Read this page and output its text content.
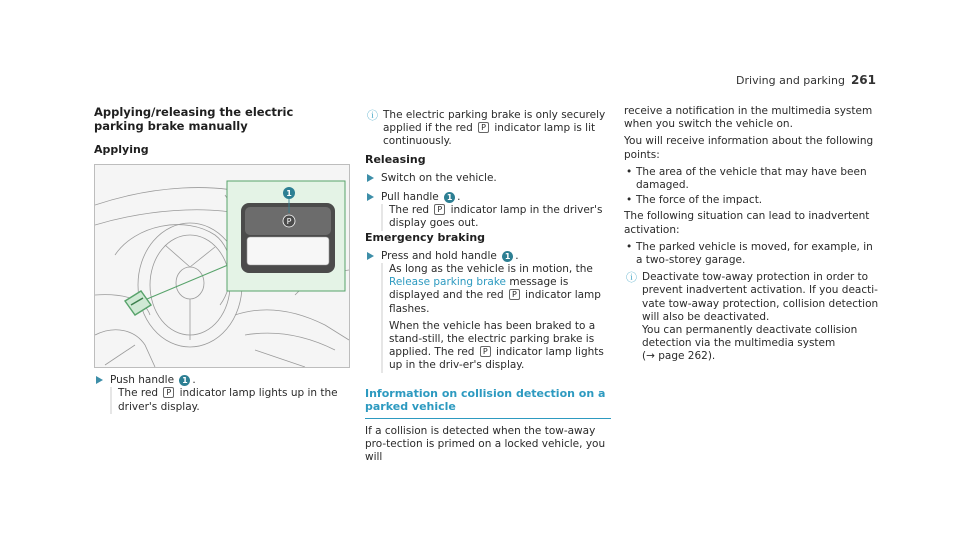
Driving and parking 261
Applying/releasing the electric parking brake manually
Applying
P
1
Push handle 1 .
The red P indicator lamp lights up in the driver's display.
ⓘ The electric parking brake is only securely applied if the red P indicator lamp is lit continuously.
Releasing
Switch on the vehicle.
Pull handle 1 .
The red P indicator lamp in the driver's display goes out.
Emergency braking
Press and hold handle 1 .
As long as the vehicle is in motion, the Release parking brake message is displayed and the red P indicator lamp flashes.
When the vehicle has been braked to a stand-still, the electric parking brake is applied. The red P indicator lamp lights up in the driv-er's display.
Information on collision detection on a parked vehicle
If a collision is detected when the tow-away pro-tection is primed on a locked vehicle, you will
receive a notification in the multimedia system when you switch the vehicle on.
You will receive information about the following points:
• The area of the vehicle that may have been damaged.
• The force of the impact.
The following situation can lead to inadvertent activation:
• The parked vehicle is moved, for example, in a two-storey garage.
ⓘ Deactivate tow-away protection in order to prevent inadvertent activation. If you deacti-vate tow-away protection, collision detection will also be deactivated.
You can permanently deactivate collision detection via the multimedia system
(→ page 262).
